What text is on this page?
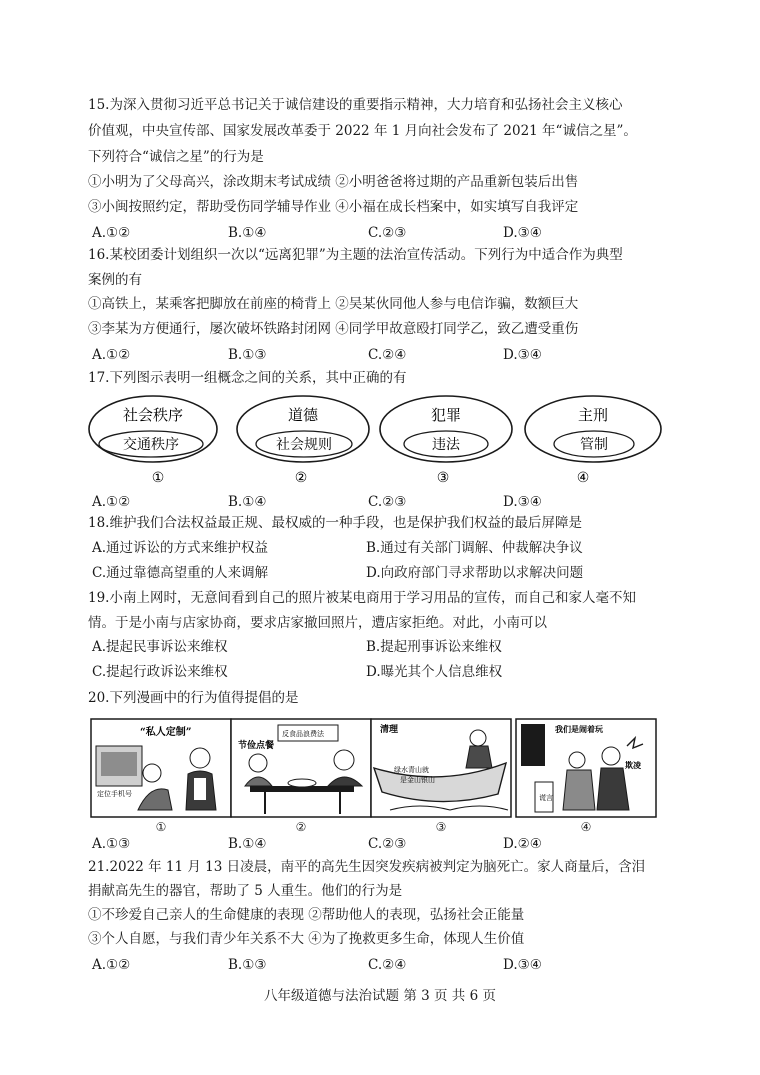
15.为深入贯彻习近平总书记关于诚信建设的重要指示精神，大力培育和弘扬社会主义核心
价值观，中央宣传部、国家发展改革委于 2022 年 1 月向社会发布了 2021 年“诚信之星”。
下列符合“诚信之星”的行为是
①小明为了父母高兴，涂改期末考试成绩 ②小明爸爸将过期的产品重新包装后出售
③小闽按照约定，帮助受伤同学辅导作业 ④小福在成长档案中，如实填写自我评定
A.①②	B.①④	C.②③	D.③④
16.某校团委计划组织一次以“远离犯罪”为主题的法治宣传活动。下列行为中适合作为典型
案例的有
①高铁上，某乘客把脚放在前座的椅背上 ②吴某伙同他人参与电信诈骗，数额巨大
③李某为方便通行，屡次破坏铁路封闭网 ④同学甲故意殴打同学乙，致乙遭受重伤
A.①②	B.①③	C.②④	D.③④
17.下列图示表明一组概念之间的关系，其中正确的有
社会秩序
交通秩序
①
道德
社会规则
②
犯罪
违法
③
主刑
管制
④
A.①②	B.①④	C.②③	D.③④
18.维护我们合法权益最正规、最权威的一种手段，也是保护我们权益的最后屏障是
A.通过诉讼的方式来维护权益	B.通过有关部门调解、仲裁解决争议
C.通过靠德高望重的人来调解	D.向政府部门寻求帮助以求解决问题
19.小南上网时，无意间看到自己的照片被某电商用于学习用品的宣传，而自己和家人毫不知
情。于是小南与店家协商，要求店家撤回照片，遭店家拒绝。对此，小南可以
A.提起民事诉讼来维权	B.提起刑事诉讼来维权
C.提起行政诉讼来维权	D.曝光其个人信息维权
20.下列漫画中的行为值得提倡的是
“私人定制”
定位手机号
①
反食品浪费法
节俭点餐
②
清理
绿水青山就
是金山银山
③
我们是闹着玩
欺凌
谎言
④
A.①③	B.①④	C.②③	D.②④
21.2022 年 11 月 13 日凌晨，南平的高先生因突发疾病被判定为脑死亡。家人商量后，含泪
捐献高先生的器官，帮助了 5 人重生。他们的行为是
①不珍爱自己亲人的生命健康的表现 ②帮助他人的表现，弘扬社会正能量
③个人自愿，与我们青少年关系不大 ④为了挽救更多生命，体现人生价值
A.①②	B.①③	C.②④	D.③④
八年级道德与法治试题 第 3 页 共 6 页
